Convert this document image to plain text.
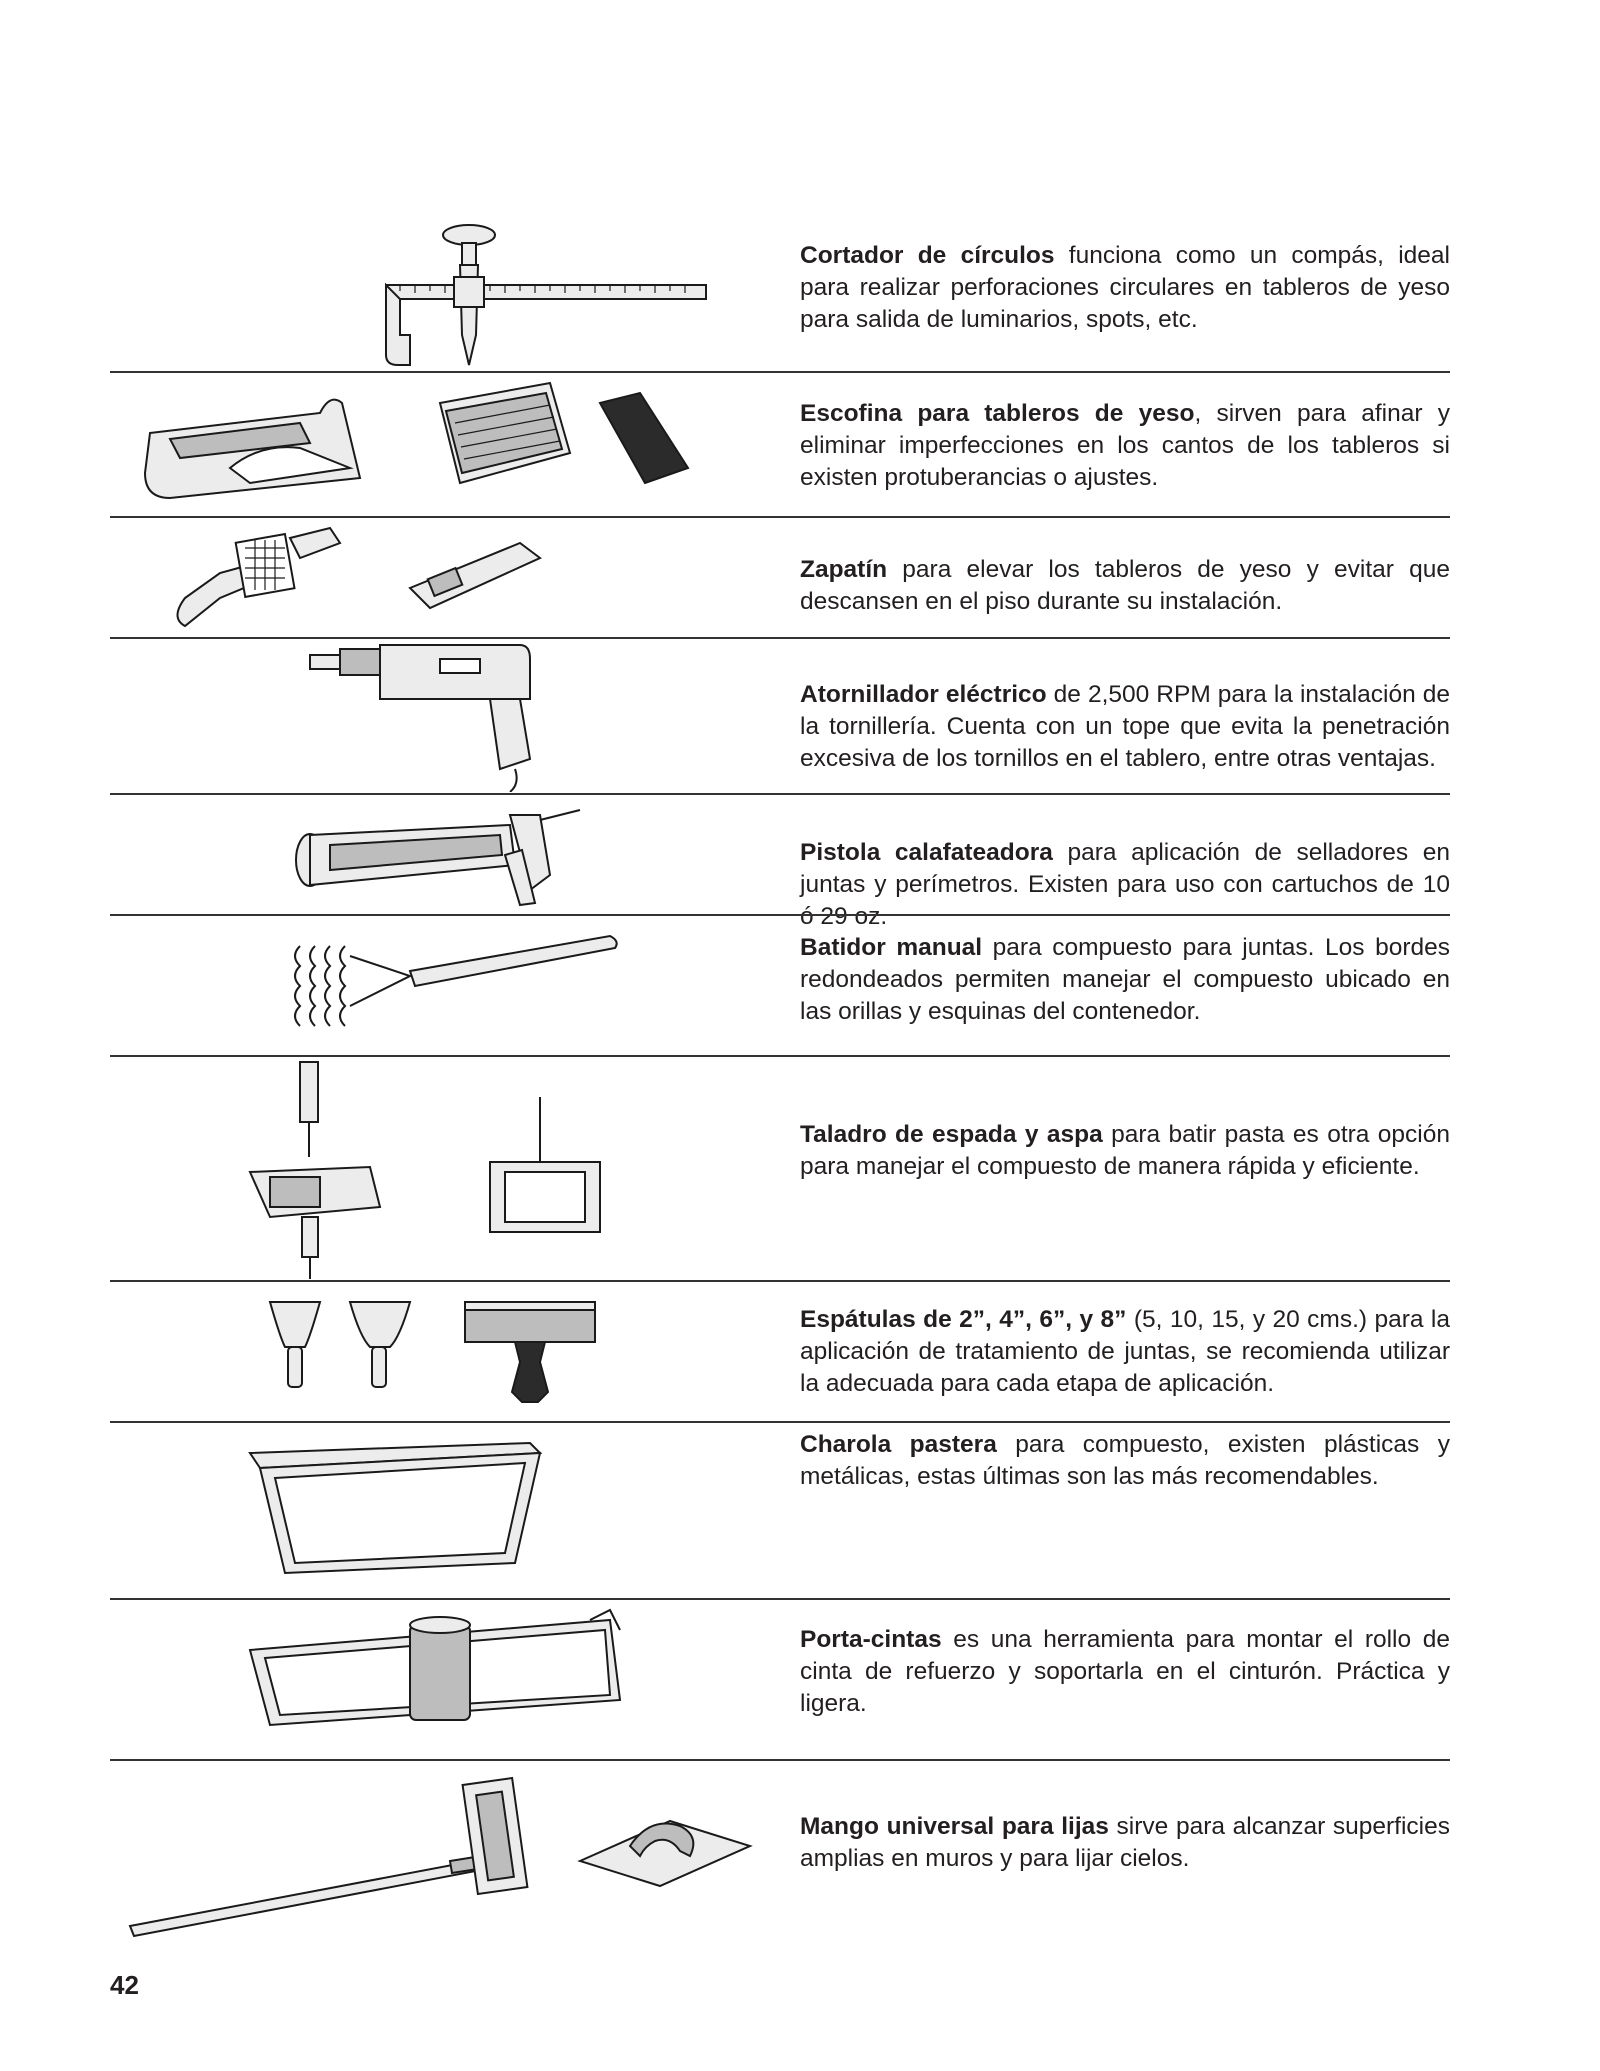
Cortador de círculos funciona como un compás, ideal para realizar perforaciones circulares en tableros de yeso para salida de luminarios, spots, etc.
Escofina para tableros de yeso, sirven para afinar y eliminar imperfecciones en los cantos de los tableros si existen protuberancias o ajustes.
Zapatín para elevar los tableros de yeso y evitar que descansen en el piso durante su instalación.
Atornillador eléctrico de 2,500 RPM para la instalación de la tornillería. Cuenta con un tope que evita la penetración excesiva de los tornillos en el tablero, entre otras ventajas.
Pistola calafateadora para aplicación de selladores en juntas y perímetros. Existen para uso con cartuchos de 10 ó 29 oz.
Batidor manual para compuesto para juntas. Los bordes redondeados permiten manejar el compuesto ubicado en las orillas y esquinas del contenedor.
Taladro de espada y aspa para batir pasta es otra opción para manejar el compuesto de manera rápida y eficiente.
Espátulas de 2”, 4”, 6”, y 8” (5, 10, 15, y 20 cms.) para la aplicación de tratamiento de juntas, se recomienda utilizar la adecuada para cada etapa de aplicación.
Charola pastera para compuesto, existen plásticas y metálicas, estas últimas son las más recomendables.
Porta-cintas es una herramienta para montar el rollo de cinta de refuerzo y soportarla en el cinturón. Práctica y ligera.
Mango universal para lijas sirve para alcanzar superficies amplias en muros y para lijar cielos.
42
